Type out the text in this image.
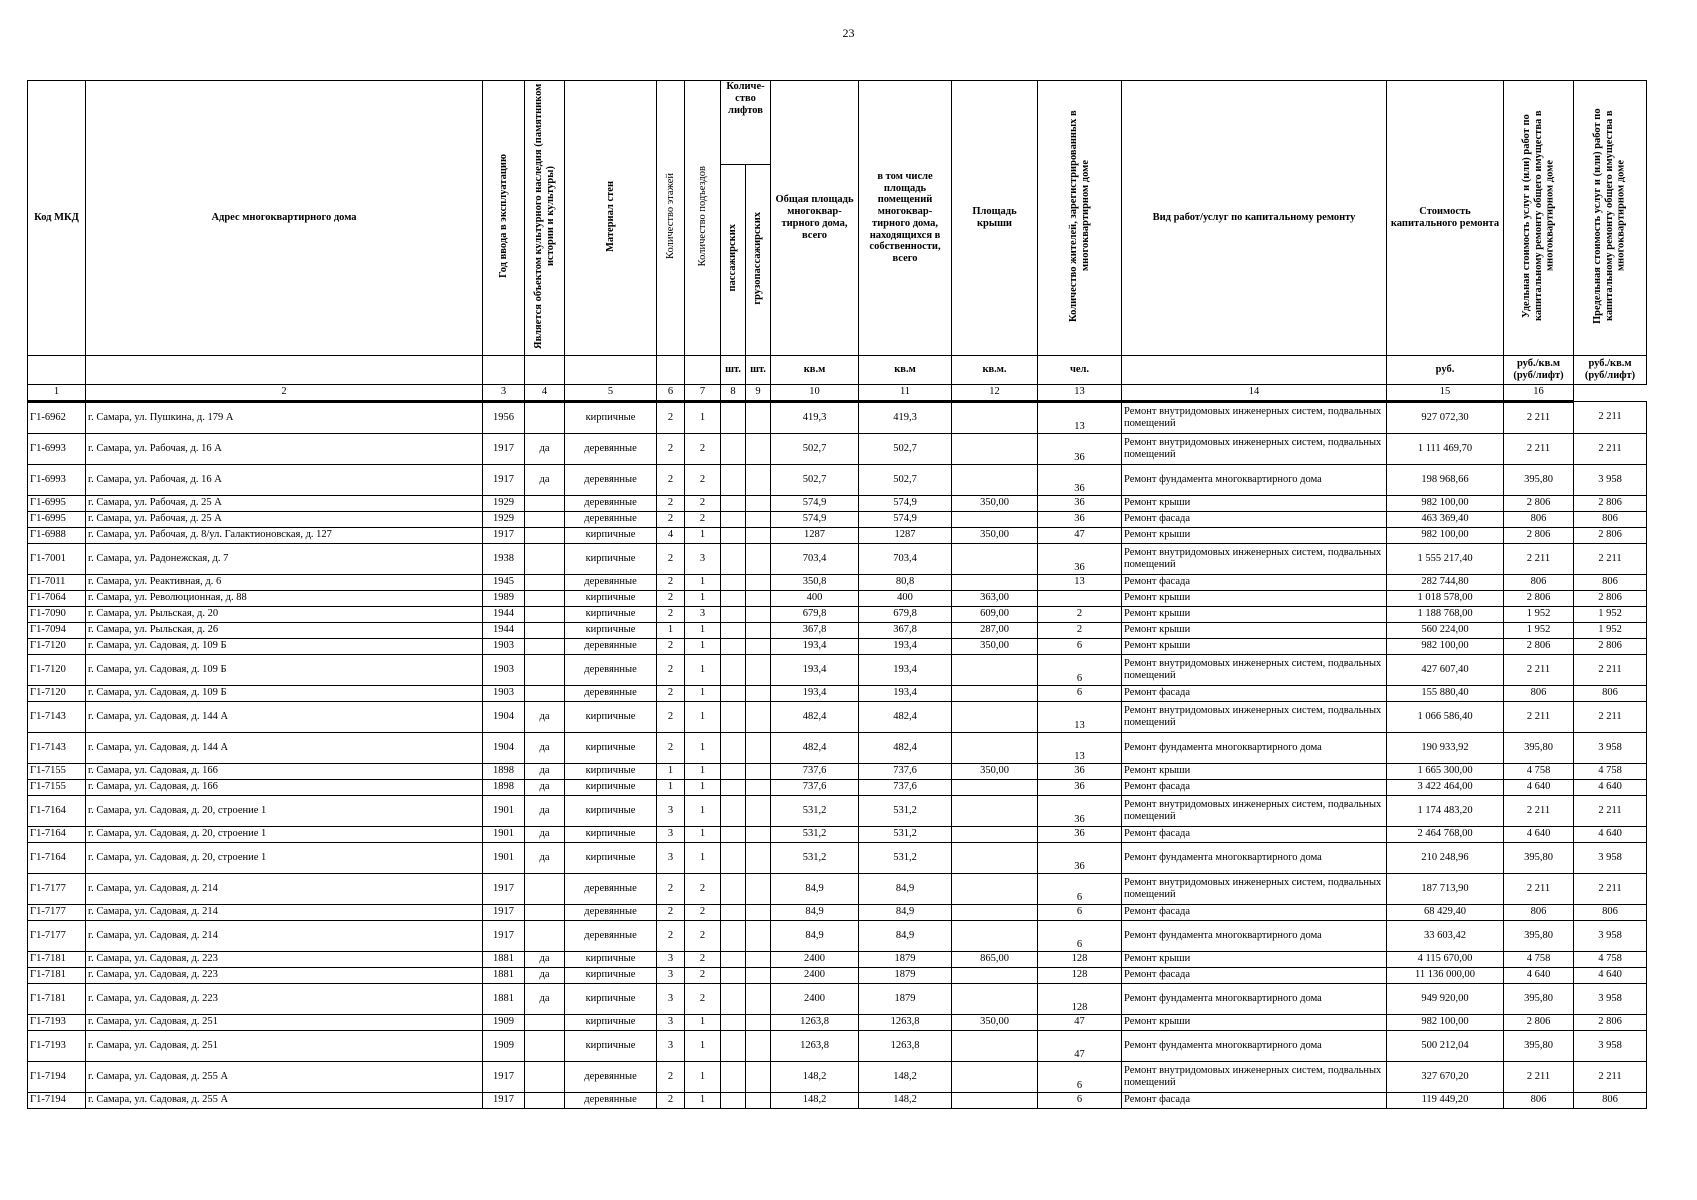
23
Код МКД	Адрес многоквартирного дома	Год ввода в эксплуатацию	Является объектом культурного наследия (памятником истории и культуры)	Материал стен	Количество этажей	Количество подъездов	Количе-ство лифтов		Общая площадь многоквар-тирного дома, всего	в том числе площадь помещений многоквар-тирного дома, находящихся в собственности, всего	Площадь крыши	Количество жителей, зарегистрированных в многоквартирном доме	Вид работ/услуг по капитальному ремонту	Стоимость капитального ремонта	Удельная стоимость услуг и (или) работ по капитальному ремонту общего имущества в многоквартирном доме	Предельная стоимость услуг и (или) работ по капитальному ремонту общего имущества в многоквартирном доме
							пассажирских	грузопассажирских								
							шт.	шт.	кв.м	кв.м	кв.м.	чел.		руб.	руб./кв.м (руб/лифт)	руб./кв.м (руб/лифт)
1	2	3	4	5	6	7	8	9	10	11	12	13	14	15	16	
Г1-6962	г. Самара, ул. Пушкина, д. 179 А	1956		кирпичные	2	1			419,3	419,3		13	Ремонт внутридомовых инженерных систем, подвальных помещений	927 072,30	2 211	2 211
Г1-6993	г. Самара, ул. Рабочая, д. 16 А	1917	да	деревянные	2	2			502,7	502,7		36	Ремонт внутридомовых инженерных систем, подвальных помещений	1 111 469,70	2 211	2 211
Г1-6993	г. Самара, ул. Рабочая, д. 16 А	1917	да	деревянные	2	2			502,7	502,7		36	Ремонт фундамента многоквартирного дома	198 968,66	395,80	3 958
Г1-6995	г. Самара, ул. Рабочая, д. 25 А	1929		деревянные	2	2			574,9	574,9	350,00	36	Ремонт крыши	982 100,00	2 806	2 806
Г1-6995	г. Самара, ул. Рабочая, д. 25 А	1929		деревянные	2	2			574,9	574,9		36	Ремонт фасада	463 369,40	806	806
Г1-6988	г. Самара, ул. Рабочая, д. 8/ул. Галактионовская, д. 127	1917		кирпичные	4	1			1287	1287	350,00	47	Ремонт крыши	982 100,00	2 806	2 806
Г1-7001	г. Самара, ул. Радонежская, д. 7	1938		кирпичные	2	3			703,4	703,4		36	Ремонт внутридомовых инженерных систем, подвальных помещений	1 555 217,40	2 211	2 211
Г1-7011	г. Самара, ул. Реактивная, д. 6	1945		деревянные	2	1			350,8	80,8		13	Ремонт фасада	282 744,80	806	806
Г1-7064	г. Самара, ул. Революционная, д. 88	1989		кирпичные	2	1			400	400	363,00		Ремонт крыши	1 018 578,00	2 806	2 806
Г1-7090	г. Самара, ул. Рыльская, д. 20	1944		кирпичные	2	3			679,8	679,8	609,00	2	Ремонт крыши	1 188 768,00	1 952	1 952
Г1-7094	г. Самара, ул. Рыльская, д. 26	1944		кирпичные	1	1			367,8	367,8	287,00	2	Ремонт крыши	560 224,00	1 952	1 952
Г1-7120	г. Самара, ул. Садовая, д. 109 Б	1903		деревянные	2	1			193,4	193,4	350,00	6	Ремонт крыши	982 100,00	2 806	2 806
Г1-7120	г. Самара, ул. Садовая, д. 109 Б	1903		деревянные	2	1			193,4	193,4		6	Ремонт внутридомовых инженерных систем, подвальных помещений	427 607,40	2 211	2 211
Г1-7120	г. Самара, ул. Садовая, д. 109 Б	1903		деревянные	2	1			193,4	193,4		6	Ремонт фасада	155 880,40	806	806
Г1-7143	г. Самара, ул. Садовая, д. 144 А	1904	да	кирпичные	2	1			482,4	482,4		13	Ремонт внутридомовых инженерных систем, подвальных помещений	1 066 586,40	2 211	2 211
Г1-7143	г. Самара, ул. Садовая, д. 144 А	1904	да	кирпичные	2	1			482,4	482,4		13	Ремонт фундамента многоквартирного дома	190 933,92	395,80	3 958
Г1-7155	г. Самара, ул. Садовая, д. 166	1898	да	кирпичные	1	1			737,6	737,6	350,00	36	Ремонт крыши	1 665 300,00	4 758	4 758
Г1-7155	г. Самара, ул. Садовая, д. 166	1898	да	кирпичные	1	1			737,6	737,6		36	Ремонт фасада	3 422 464,00	4 640	4 640
Г1-7164	г. Самара, ул. Садовая, д. 20, строение 1	1901	да	кирпичные	3	1			531,2	531,2		36	Ремонт внутридомовых инженерных систем, подвальных помещений	1 174 483,20	2 211	2 211
Г1-7164	г. Самара, ул. Садовая, д. 20, строение 1	1901	да	кирпичные	3	1			531,2	531,2		36	Ремонт фасада	2 464 768,00	4 640	4 640
Г1-7164	г. Самара, ул. Садовая, д. 20, строение 1	1901	да	кирпичные	3	1			531,2	531,2		36	Ремонт фундамента многоквартирного дома	210 248,96	395,80	3 958
Г1-7177	г. Самара, ул. Садовая, д. 214	1917		деревянные	2	2			84,9	84,9		6	Ремонт внутридомовых инженерных систем, подвальных помещений	187 713,90	2 211	2 211
Г1-7177	г. Самара, ул. Садовая, д. 214	1917		деревянные	2	2			84,9	84,9		6	Ремонт фасада	68 429,40	806	806
Г1-7177	г. Самара, ул. Садовая, д. 214	1917		деревянные	2	2			84,9	84,9		6	Ремонт фундамента многоквартирного дома	33 603,42	395,80	3 958
Г1-7181	г. Самара, ул. Садовая, д. 223	1881	да	кирпичные	3	2			2400	1879	865,00	128	Ремонт крыши	4 115 670,00	4 758	4 758
Г1-7181	г. Самара, ул. Садовая, д. 223	1881	да	кирпичные	3	2			2400	1879		128	Ремонт фасада	11 136 000,00	4 640	4 640
Г1-7181	г. Самара, ул. Садовая, д. 223	1881	да	кирпичные	3	2			2400	1879		128	Ремонт фундамента многоквартирного дома	949 920,00	395,80	3 958
Г1-7193	г. Самара, ул. Садовая, д. 251	1909		кирпичные	3	1			1263,8	1263,8	350,00	47	Ремонт крыши	982 100,00	2 806	2 806
Г1-7193	г. Самара, ул. Садовая, д. 251	1909		кирпичные	3	1			1263,8	1263,8		47	Ремонт фундамента многоквартирного дома	500 212,04	395,80	3 958
Г1-7194	г. Самара, ул. Садовая, д. 255 А	1917		деревянные	2	1			148,2	148,2		6	Ремонт внутридомовых инженерных систем, подвальных помещений	327 670,20	2 211	2 211
Г1-7194	г. Самара, ул. Садовая, д. 255 А	1917		деревянные	2	1			148,2	148,2		6	Ремонт фасада	119 449,20	806	806
